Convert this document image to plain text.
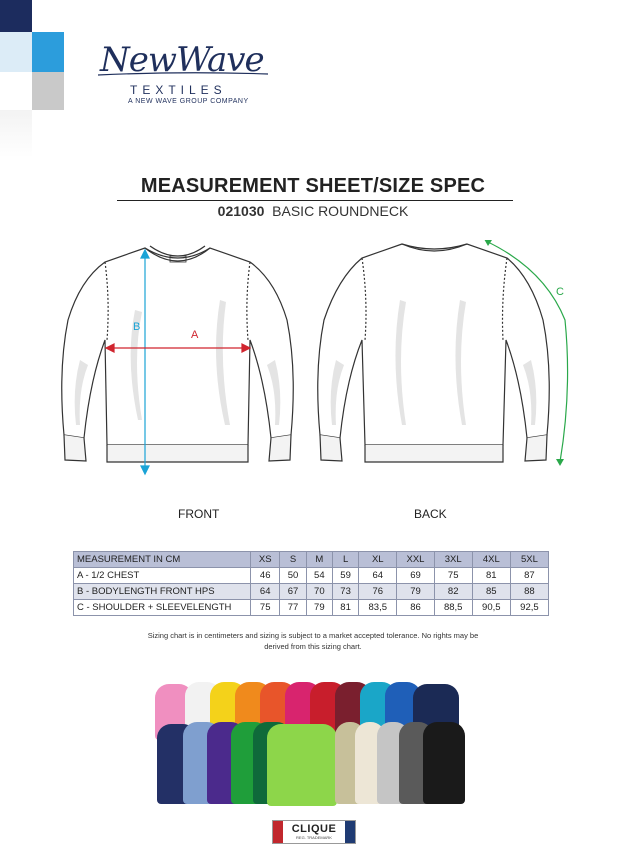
NewWave
TEXTILES
A NEW WAVE GROUP COMPANY
MEASUREMENT SHEET/SIZE SPEC
021030 BASIC ROUNDNECK
A
B
C
FRONT	BACK
MEASUREMENT IN CM	XS	S	M	L	XL	XXL	3XL	4XL	5XL
A - 1/2 CHEST	46	50	54	59	64	69	75	81	87
B - BODYLENGTH FRONT HPS	64	67	70	73	76	79	82	85	88
C - SHOULDER + SLEEVELENGTH	75	77	79	81	83,5	86	88,5	90,5	92,5
Sizing chart is in centimeters and sizing is subject to a market accepted tolerance. No rights may be derived from this sizing chart.
CLIQUE
REG. TRADEMARK
